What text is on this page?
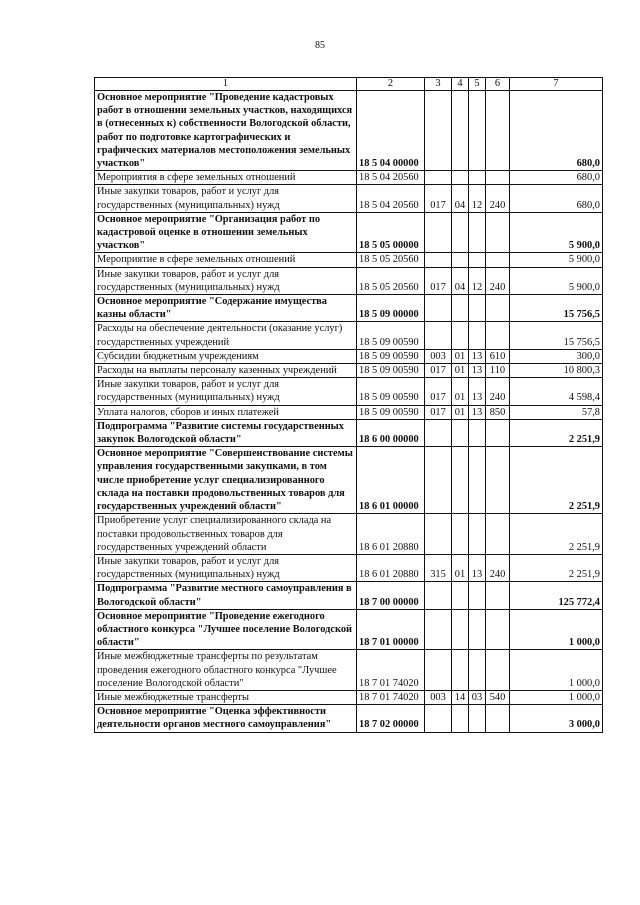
85
1	2	3	4	5	6	7
Основное мероприятие "Проведение кадастровых работ в отношении земельных участков, находящихся в (отнесенных к) собственности Вологодской области, работ по подготовке картографических и графических материалов местоположения земельных участков"	18 5 04 00000					680,0
Мероприятия в сфере земельных отношений	18 5 04 20560					680,0
Иные закупки товаров, работ и услуг для государственных (муниципальных) нужд	18 5 04 20560	017	04	12	240	680,0
Основное мероприятие "Организация работ по кадастровой оценке в отношении земельных участков"	18 5 05 00000					5 900,0
Мероприятие в сфере земельных отношений	18 5 05 20560					5 900,0
Иные закупки товаров, работ и услуг для государственных (муниципальных) нужд	18 5 05 20560	017	04	12	240	5 900,0
Основное мероприятие "Содержание имущества казны области"	18 5 09 00000					15 756,5
Расходы на обеспечение деятельности (оказание услуг) государственных учреждений	18 5 09 00590					15 756,5
Субсидии бюджетным учреждениям	18 5 09 00590	003	01	13	610	300,0
Расходы на выплаты персоналу казенных учреждений	18 5 09 00590	017	01	13	110	10 800,3
Иные закупки товаров, работ и услуг для государственных (муниципальных) нужд	18 5 09 00590	017	01	13	240	4 598,4
Уплата налогов, сборов и иных платежей	18 5 09 00590	017	01	13	850	57,8
Подпрограмма "Развитие системы государственных закупок Вологодской области"	18 6 00 00000					2 251,9
Основное мероприятие "Совершенствование системы управления государственными закупками, в том числе приобретение услуг специализированного склада на поставки продовольственных товаров для государственных учреждений области"	18 6 01 00000					2 251,9
Приобретение услуг специализированного склада на поставки продовольственных товаров для государственных учреждений области	18 6 01 20880					2 251,9
Иные закупки товаров, работ и услуг для государственных (муниципальных) нужд	18 6 01 20880	315	01	13	240	2 251,9
Подпрограмма "Развитие местного самоуправления в Вологодской области"	18 7 00 00000					125 772,4
Основное мероприятие "Проведение ежегодного областного конкурса "Лучшее поселение Вологодской области"	18 7 01 00000					1 000,0
Иные межбюджетные трансферты по результатам проведения ежегодного областного конкурса "Лучшее поселение Вологодской области"	18 7 01 74020					1 000,0
Иные межбюджетные трансферты	18 7 01 74020	003	14	03	540	1 000,0
Основное мероприятие "Оценка эффективности деятельности органов местного самоуправления"	18 7 02 00000					3 000,0
